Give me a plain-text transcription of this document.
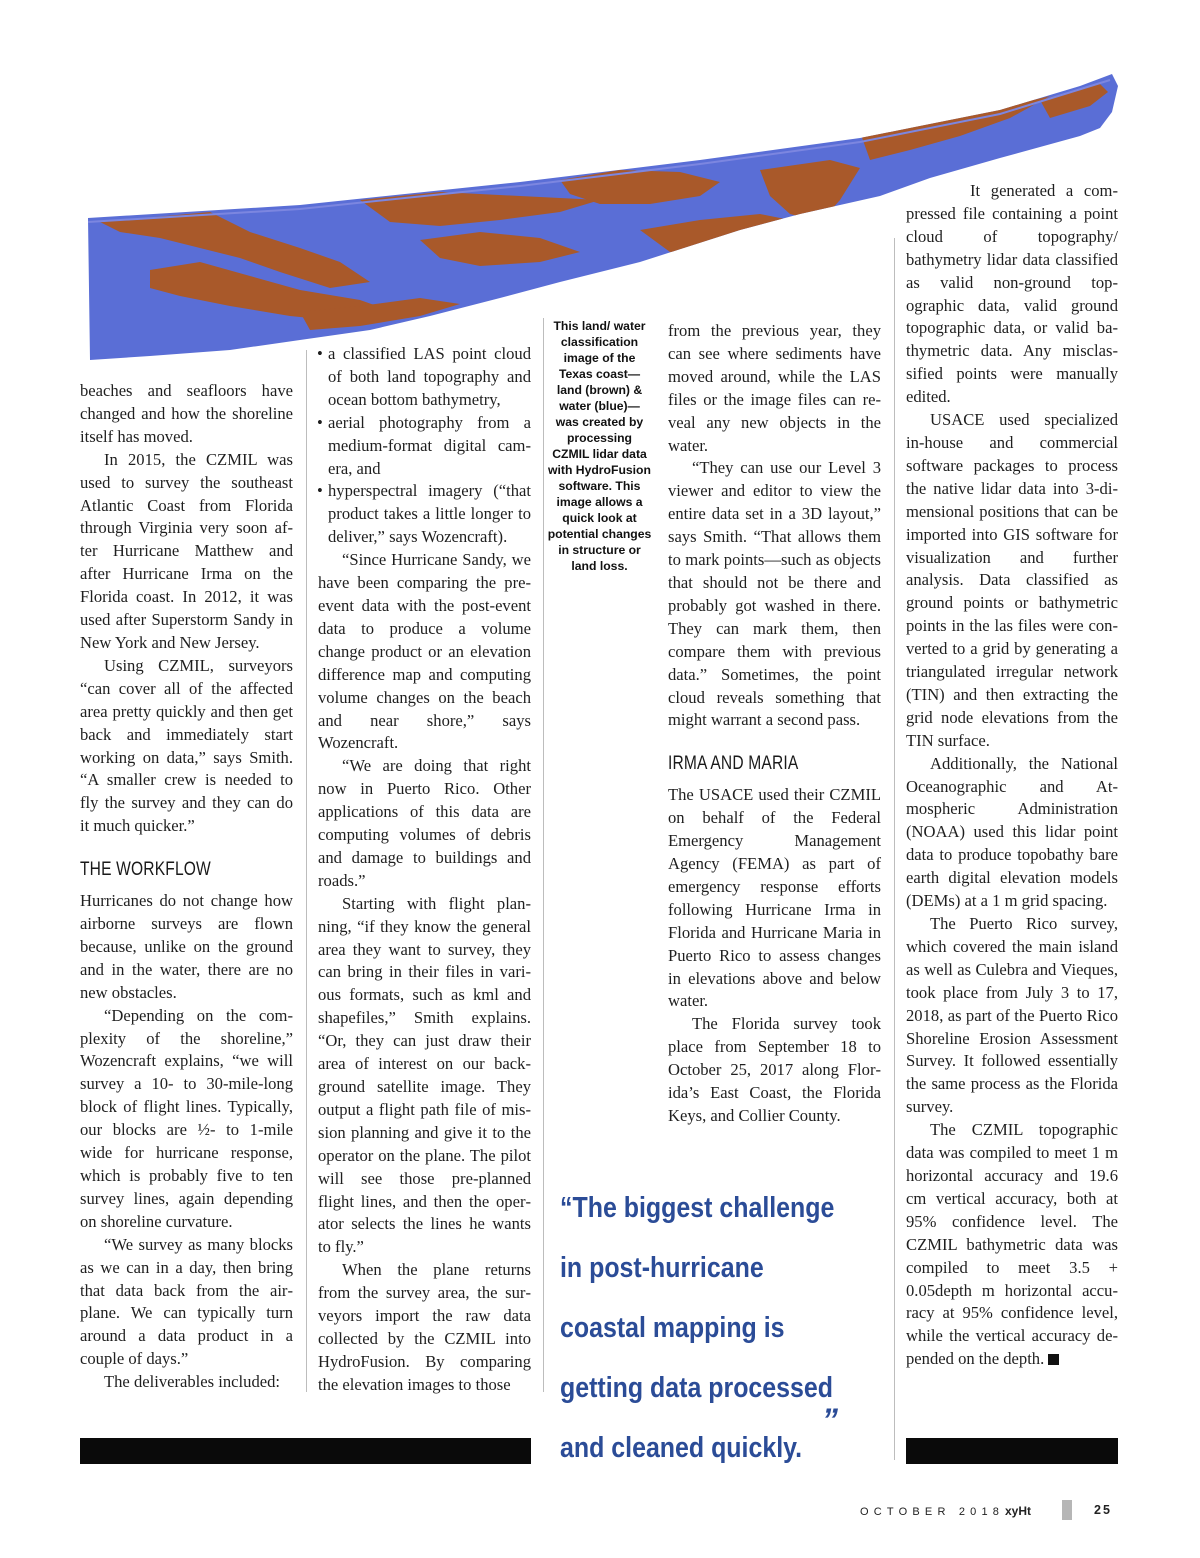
beaches and seafloors have changed and how the shoreline itself has moved.

In 2015, the CZMIL was used to survey the southeast Atlantic Coast from Florida through Virginia very soon after Hurricane Matthew and after Hurricane Irma on the Florida coast. In 2012, it was used after Superstorm Sandy in New York and New Jersey.

Using CZMIL, surveyors “can cover all of the affected area pretty quickly and then get back and immediately start working on data,” says Smith. “A smaller crew is needed to fly the survey and they can do it much quicker.”

THE WORKFLOW

Hurricanes do not change how airborne surveys are flown because, unlike on the ground and in the water, there are no new obstacles.

“Depending on the complexity of the shoreline,” Wozencraft explains, “we will survey a 10- to 30-mile-long block of flight lines. Typically, our blocks are ½- to 1-mile wide for hurricane response, which is probably five to ten survey lines, again depending on shoreline curvature.

“We survey as many blocks as we can in a day, then bring that data back from the airplane. We can typically turn around a data product in a couple of days.”

The deliverables included:

• a classified LAS point cloud of both land topography and ocean bottom bathymetry,
• aerial photography from a medium-format digital camera, and
• hyperspectral imagery (“that product takes a little longer to deliver,” says Wozencraft).

“Since Hurricane Sandy, we have been comparing the pre-event data with the post-event data to produce a volume change product or an elevation difference map and computing volume changes on the beach and near shore,” says Wozencraft.

“We are doing that right now in Puerto Rico. Other applications of this data are computing volumes of debris and damage to buildings and roads.”

Starting with flight planning, “if they know the general area they want to survey, they can bring in their files in various formats, such as kml and shapefiles,” Smith explains. “Or, they can just draw their area of interest on our background satellite image. They output a flight path file of mission planning and give it to the operator on the plane. The pilot will see those pre-planned flight lines, and then the operator selects the lines he wants to fly.”

When the plane returns from the survey area, the surveyors import the raw data collected by the CZMIL into HydroFusion. By comparing the elevation images to those

This land/ water classification image of the Texas coast— land (brown) & water (blue)— was created by processing CZMIL lidar data with HydroFusion software. This image allows a quick look at potential changes in structure or land loss.

from the previous year, they can see where sediments have moved around, while the LAS files or the image files can reveal any new objects in the water.

“They can use our Level 3 viewer and editor to view the entire data set in a 3D layout,” says Smith. “That allows them to mark points—such as objects that should not be there and probably got washed in there. They can mark them, then compare them with previous data.” Sometimes, the point cloud reveals something that might warrant a second pass.

IRMA AND MARIA

The USACE used their CZMIL on behalf of the Federal Emergency Management Agency (FEMA) as part of emergency response efforts following Hurricane Irma in Florida and Hurricane Maria in Puerto Rico to assess changes in elevations above and below water.

The Florida survey took place from September 18 to October 25, 2017 along Florida’s East Coast, the Florida Keys, and Collier County.

“The biggest challenge
in post-hurricane
coastal mapping is
getting data processed
and cleaned quickly.
”

It generated a compressed file containing a point cloud of topography/ bathymetry lidar data classified as valid non-ground topographic data, valid ground topographic data, or valid bathymetric data. Any misclassified points were manually edited.

USACE used specialized in-house and commercial software packages to process the native lidar data into 3-dimensional positions that can be imported into GIS software for visualization and further analysis. Data classified as ground points or bathymetric points in the las files were converted to a grid by generating a triangulated irregular network (TIN) and then extracting the grid node elevations from the TIN surface.

Additionally, the National Oceanographic and Atmospheric Administration (NOAA) used this lidar point data to produce topobathy bare earth digital elevation models (DEMs) at a 1 m grid spacing.

The Puerto Rico survey, which covered the main island as well as Culebra and Vieques, took place from July 3 to 17, 2018, as part of the Puerto Rico Shoreline Erosion Assessment Survey. It followed essentially the same process as the Florida survey.

The CZMIL topographic data was compiled to meet 1 m horizontal accuracy and 19.6 cm vertical accuracy, both at 95% confidence level. The CZMIL bathymetric data was compiled to meet 3.5 + 0.05depth m horizontal accuracy at 95% confidence level, while the vertical accuracy depended on the depth.

OCTOBER 2018 xyHt	25
